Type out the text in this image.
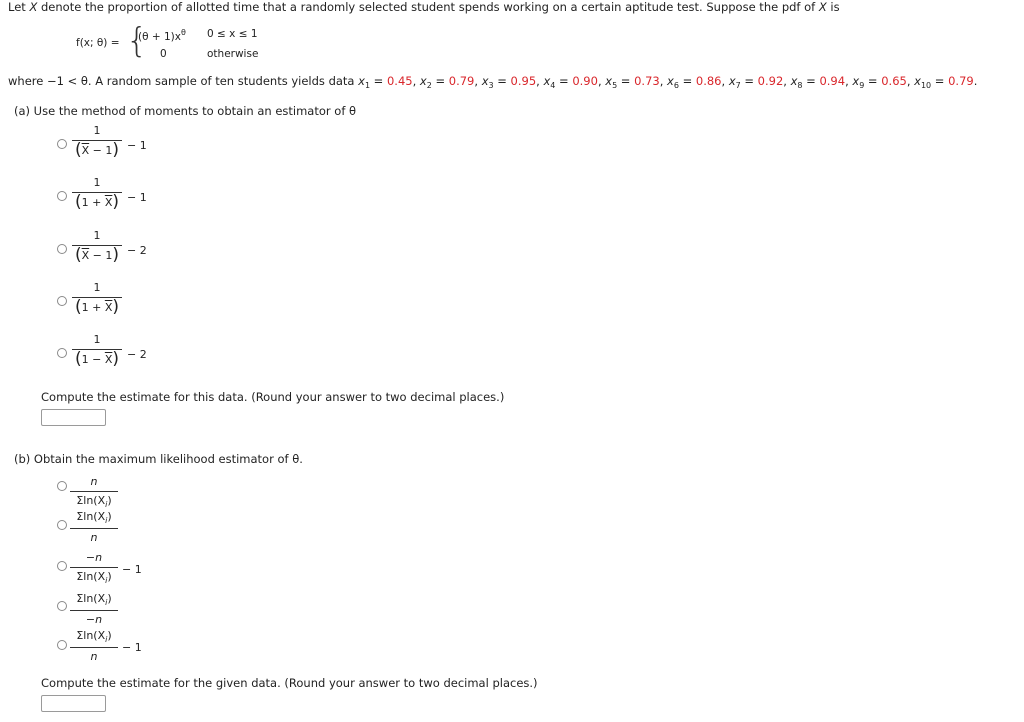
Let X denote the proportion of allotted time that a randomly selected student spends working on a certain aptitude test. Suppose the pdf of X is
f(x; θ) = {
$(\theta + 1)x^\theta$ 0 ≤ x ≤ 1
0	otherwise
where −1 < θ. A random sample of ten students yields data $x_1 = 0.45$, $x_2 = 0.79$, $x_3 = 0.95$, $x_4 = 0.90$, $x_5 = 0.73$, $x_6 = 0.86$, $x_7 = 0.92$, $x_8 = 0.94$, $x_9 = 0.65$, $x_{10} = 0.79$.
(a) Use the method of moments to obtain an estimator of θ
1
$(\overline{X} - 1) - 1$
1
$(1 + \overline{X}) - 1$
1
$(\overline{X} - 1) - 2$
1
$(1 + \overline{X})$
1
$(1 - \overline{X}) - 2$
Compute the estimate for this data. (Round your answer to two decimal places.)
(b) Obtain the maximum likelihood estimator of θ.
n
$\Sigma\ln(X_i)$
$\Sigma\ln(X_i)$
n
−n
$\Sigma\ln(X_i)$
− 1
$\Sigma\ln(X_i)$
−n
$\Sigma\ln(X_i)$
n
− 1
Compute the estimate for the given data. (Round your answer to two decimal places.)
